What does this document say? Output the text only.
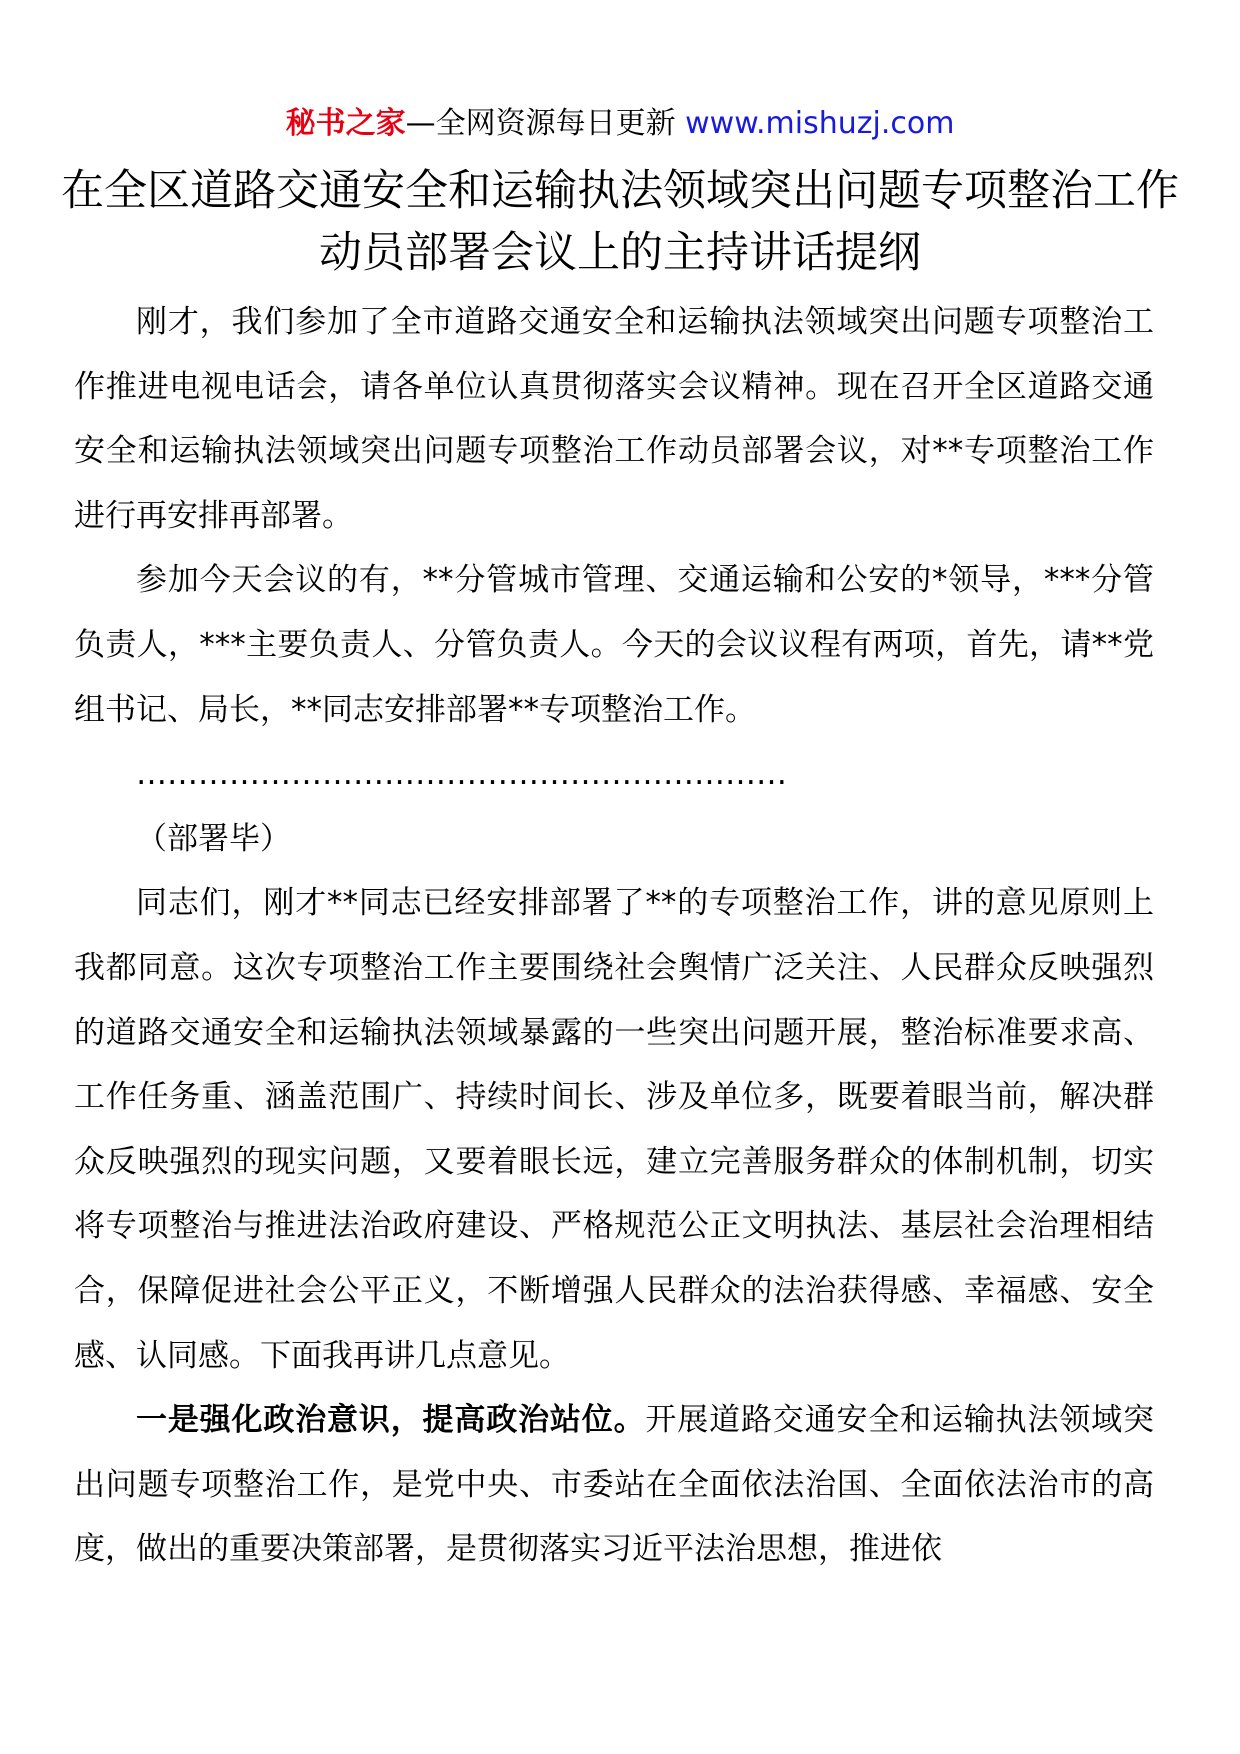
秘书之家—全网资源每日更新 www.mishuzj.com
在全区道路交通安全和运输执法领域突出问题专项整治工作动员部署会议上的主持讲话提纲

刚才，我们参加了全市道路交通安全和运输执法领域突出问题专项整治工作推进电视电话会，请各单位认真贯彻落实会议精神。现在召开全区道路交通安全和运输执法领域突出问题专项整治工作动员部署会议，对**专项整治工作进行再安排再部署。

参加今天会议的有，**分管城市管理、交通运输和公安的*领导，***分管负责人，***主要负责人、分管负责人。今天的会议议程有两项，首先，请**党组书记、局长，**同志安排部署**专项整治工作。

………………………………………………………

（部署毕）

同志们，刚才**同志已经安排部署了**的专项整治工作，讲的意见原则上我都同意。这次专项整治工作主要围绕社会舆情广泛关注、人民群众反映强烈的道路交通安全和运输执法领域暴露的一些突出问题开展，整治标准要求高、工作任务重、涵盖范围广、持续时间长、涉及单位多，既要着眼当前，解决群众反映强烈的现实问题，又要着眼长远，建立完善服务群众的体制机制，切实将专项整治与推进法治政府建设、严格规范公正文明执法、基层社会治理相结合，保障促进社会公平正义，不断增强人民群众的法治获得感、幸福感、安全感、认同感。下面我再讲几点意见。

一是强化政治意识，提高政治站位。开展道路交通安全和运输执法领域突出问题专项整治工作，是党中央、市委站在全面依法治国、全面依法治市的高度，做出的重要决策部署，是贯彻落实习近平法治思想，推进依
